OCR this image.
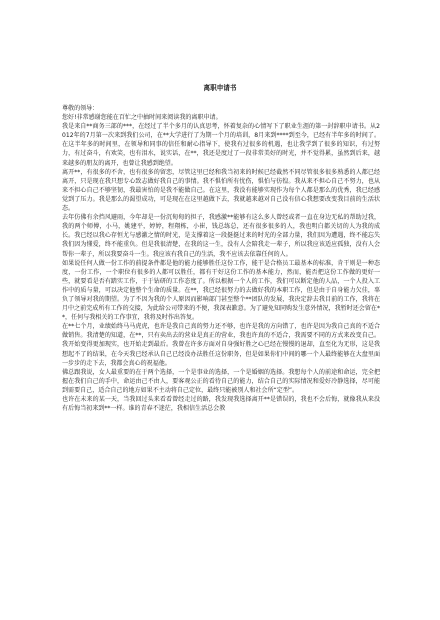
离职申请书

尊敬的领导：

您好!非常感谢您能在百忙之中抽时间来阅读我的离职申请。

我是来自**商务三部的***，在经过了半个多月的认真思考，怀着复杂的心情写下了职业生涯的第一封辞职申请书。从2012年的7月第一次来到我们公司，在**大学进行了为期一个月的培训，8月来到****到至今，已经有半年多的时间了。在这半年多的时间里，在领导和同事的信任和耐心指导下，使我有过很多的机遇，也让我学到了很多的知识，有过努力，有过奋斗，有欢笑，也有泪水，说实话，在**，我还是度过了一段非常美好的时光，并不觉得累，虽然到后来，越来越多的朋友的离开，也曾让我感到绝望。

离开**，有很多的不舍，也有很多的留恋，尽管这里已经和我当初来的时候已经截然不同尽管很多很多熟悉的人都已经离开，只是现在我只想专心致志做好我自己的事情。我不惧怕所有忧伤，惧怕与彷徨。我从来不担心自己不努力，也从来不担心自己不够坚韧，我最害怕的是我不能做自己。在这里，我没有能够实现作为每个人都是那么的优秀，我已经感觉到了压力。我是那么的渴望成功，可是现在在这里越做下去，我就越来越对自己没有信心我想要改变我目前的生活状态。

去年仿佛有余挡风避雨，今年却是一份沉甸甸的担子，我感激**能够有这么多人曾经或者一直在身边无私的帮助过我，我的两个师傅，小马，姚建平，婷婷，程翔栋，小崔，钱总练总，还有很多很多的人，我也明白都关切的人为我的成长。我已经以我心存恒尤与感激之情的时光，是支撑着这一段挺挺过来的时光的全部力量，我们因为遭遇，终不能忘失我们因为懂爱，终不能重负。但是我很清楚，在我的这一生，没有人会陪我走一辈子，所以我应该适应孤独，没有人会帮你一辈子，所以我要奋斗一生。我应该有我自己的生活，我不应该去依靠任何的人。

如果说任何人做一份工作的前提条件都是他的能力能够胜任这份工作，能干是合格员工最基本的标准，肯干则是一种态度，一份工作，一个职位有很多的人都可以胜任，都有干好这份工作的基本能力，然而，能否把这份工作做的更好一些，就要看是否有踏实工作，于于钻研的工作态度了。所以根据一个人的工作，我们可以断定他的人品，一个人投入工作中的质与量，可以决定他整个生命的质量。在**，我已经很努力的去做好我的本职工作，但是由于自身能力欠佳，辜负了领导对我的期望。为了不因为我的个人原因而影响部门甚至整个**团队的发展，我决定辞去我目前的工作，我将在月中之前完成所有工作的交接，为此给公司带来的不便，我深表歉意。为了避免知同购发生意外情况，我暂时还会留在**，任何与我相关的工作事宜，我将及时作出答复。

在**七个月，业绩始终马马虎虎，也许是我自己真的努力还不够，也许是我的方向错了，也许是因为我自己真的不适合做销售。我清楚的知道，在**，只有卖出去的营业是真正的营业，我也许真的不适合，我需要不同的方式来改变自己。我开始变得更加现实，也开始走到最后。我曾在许多方面对自身强好胜之心已经在慢慢的退却，直至化为无形，这是我想起不了的结果，在今天我已经承认自己已经没办法胜任这份职务，但是如果你们中间的哪一个人最终能够在大盘里面一步步的走下去，我都会真心的祝福他。

佛总跟我说，女人最重要的在于两个选择，一个是事业的选择，一个是婚姻的选择。我想每个人的前途和命运，完全把握在我们自己的手中，命运由己不由人，要客观公正的看待自己的能力，结合自己的实际情况和爱好冷静选择，尽可能到需要自己，适合自己的地方如果不主动将自己定位，最终只能被别人和社会所“定型”。

也许在未来的某一天，当我回过头来看看曾经走过的路，我发现我选择离开**是错误的，我也不会后悔，就像我从来没有后悔当初来到**一样。谁的青春不迷茫，我相信生活总会教
